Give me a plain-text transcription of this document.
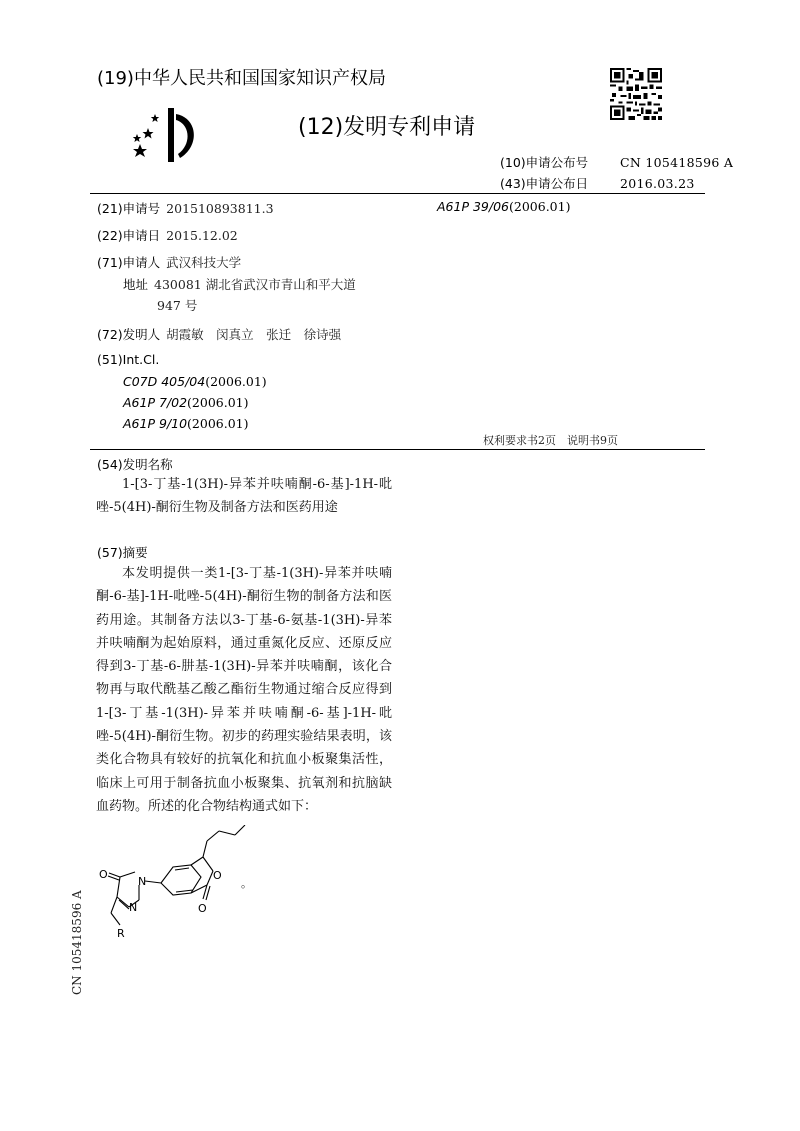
(19)中华人民共和国国家知识产权局
(12)发明专利申请
(10)申请公布号	CN 105418596 A
(43)申请公布日	2016.03.23
(21)申请号 201510893811.3	A61P 39/06(2006.01)
(22)申请日 2015.12.02
(71)申请人 武汉科技大学
地址 430081 湖北省武汉市青山和平大道
947 号
(72)发明人 胡霞敏　闵真立　张迁　徐诗强
(51)Int.Cl.
C07D 405/04(2006.01)
A61P 7/02(2006.01)
A61P 9/10(2006.01)
权利要求书2页　说明书9页
(54)发明名称
1-[3-丁基-1(3H)-异苯并呋喃酮-6-基]-1H-吡唑-5(4H)-酮衍生物及制备方法和医药用途
(57)摘要
本发明提供一类1-[3-丁基-1(3H)-异苯并呋喃酮-6-基]-1H-吡唑-5(4H)-酮衍生物的制备方法和医药用途。其制备方法以3-丁基-6-氨基-1(3H)-异苯并呋喃酮为起始原料，通过重氮化反应、还原反应得到3-丁基-6-肼基-1(3H)-异苯并呋喃酮，该化合物再与取代酰基乙酸乙酯衍生物通过缩合反应得到1-[3-丁基-1(3H)-异苯并呋喃酮-6-基]-1H-吡唑-5(4H)-酮衍生物。初步的药理实验结果表明，该类化合物具有较好的抗氧化和抗血小板聚集活性，临床上可用于制备抗血小板聚集、抗氧剂和抗脑缺血药物。所述的化合物结构通式如下：
O
N
N
R
O
O
。
CN 105418596 A
